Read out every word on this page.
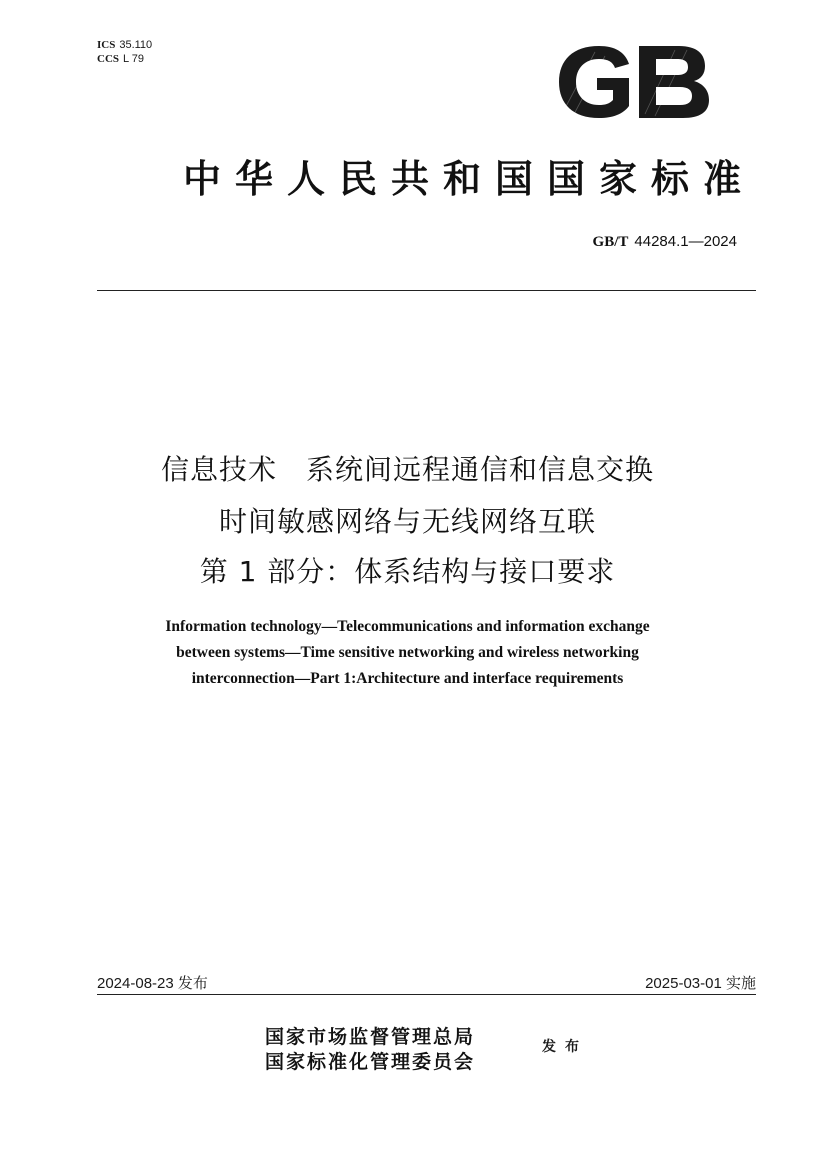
ICS 35.110
CCS L 79
中华人民共和国国家标准
GB/T 44284.1—2024
信息技术　系统间远程通信和信息交换
时间敏感网络与无线网络互联
第 1 部分：体系结构与接口要求
Information technology—Telecommunications and information exchange
between systems—Time sensitive networking and wireless networking
interconnection—Part 1:Architecture and interface requirements
2024-08-23 发布	2025-03-01 实施
国家市场监督管理总局
国家标准化管理委员会
发布
